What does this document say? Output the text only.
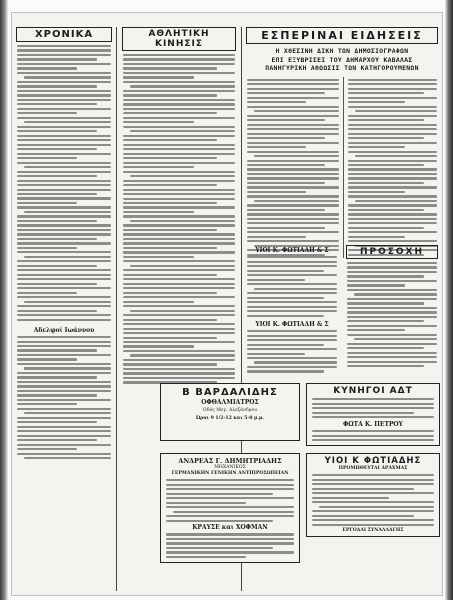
ΧΡΟΝΙΚΑ
Αδελφοί Ιωάννου
ΑΘΛΗΤΙΚΗ ΚΙΝΗΣΙΣ
ΕΣΠΕΡΙΝΑΙ ΕΙΔΗΣΕΙΣ
Η ΧΘΕΣΙΝΗ ΔΙΚΗ ΤΩΝ ΔΗΜΟΣΙΟΓΡΑΦΩΝ
ΕΠΙ ΕΞΥΒΡΙΣΕΙ ΤΟΥ ΔΗΜΑΡΧΟΥ ΚΑΒΑΛΑΣ
ΠΑΝΗΓΥΡΙΚΗ ΑΘΩΩΣΙΣ ΤΩΝ ΚΑΤΗΓΟΡΟΥΜΕΝΩΝ
ΥΙΟΙ Κ. ΦΩΤΙΑΔΗ & Σ
ΥΙΟΙ Κ. ΦΩΤΙΑΔΗ & Σ
ΠΡΟΣΟΧΗ
Β ΒΑΡΔΑΛΙΔΗΣ
ΟΦΘΑΛΜΙΑΤΡΟΣ
Οδός Μεγ. Αλεξάνδρου
Ώραι 9 1/2-12 και 5-8 μ.μ.
ΚΥΝΗΓΟΙ ΑΔΤ
ΦΩΤΑ Κ. ΠΕΤΡΟΥ
ΑΝΔΡΕΑΣ Γ. ΔΗΜΗΤΡΙΑΔΗΣ
ΜΗΧΑΝΙΚΟΣ
ΓΕΡΜΑΝΙΚΗΝ ΓΕΝΙΚΗΝ ΑΝΤΙΠΡΟΣΩΠΕΙΑΝ
ΚΡΑΥΣΕ και ΧΟΦΜΑΝ
ΥΙΟΙ Κ ΦΩΤΙΑΔΗΣ
ΠΡΟΜΗΘΕΥΤΑΙ ΔΡΑΧΜΑΣ
ΕΡΓΟΔΑΙ ΣΥΝΑΛΛΑΓΗΣ
